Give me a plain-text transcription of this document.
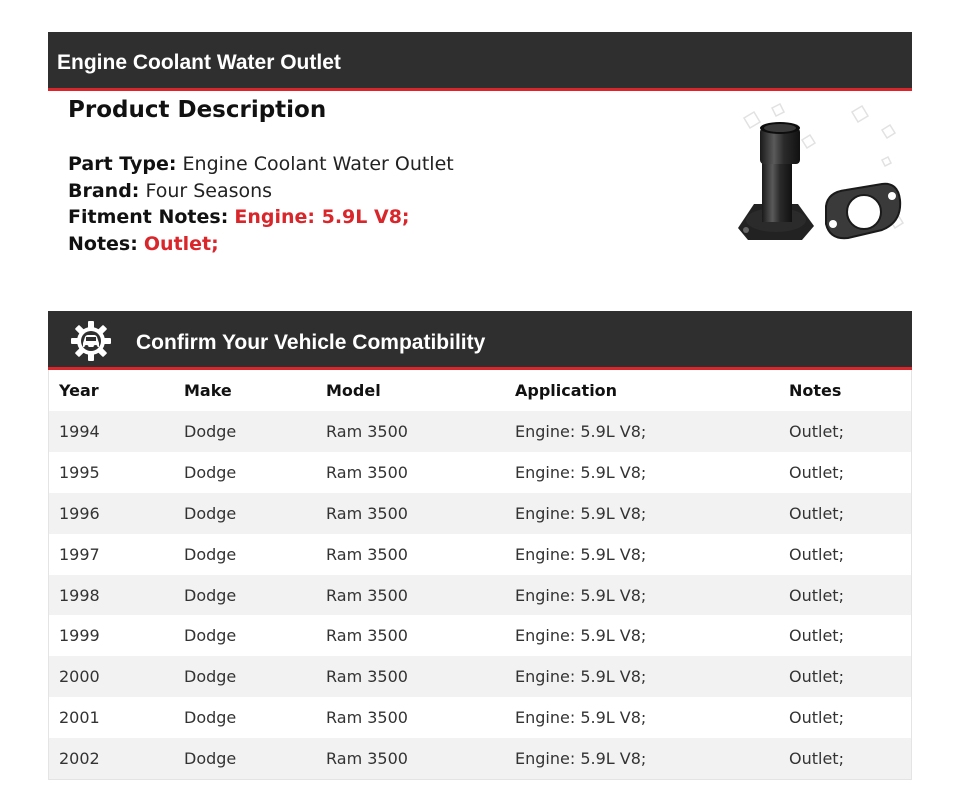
Engine Coolant Water Outlet
Product Description
Part Type: Engine Coolant Water Outlet
Brand: Four Seasons
Fitment Notes: Engine: 5.9L V8;
Notes: Outlet;
Confirm Your Vehicle Compatibility
Year	Make	Model	Application	Notes
1994	Dodge	Ram 3500	Engine: 5.9L V8;	Outlet;
1995	Dodge	Ram 3500	Engine: 5.9L V8;	Outlet;
1996	Dodge	Ram 3500	Engine: 5.9L V8;	Outlet;
1997	Dodge	Ram 3500	Engine: 5.9L V8;	Outlet;
1998	Dodge	Ram 3500	Engine: 5.9L V8;	Outlet;
1999	Dodge	Ram 3500	Engine: 5.9L V8;	Outlet;
2000	Dodge	Ram 3500	Engine: 5.9L V8;	Outlet;
2001	Dodge	Ram 3500	Engine: 5.9L V8;	Outlet;
2002	Dodge	Ram 3500	Engine: 5.9L V8;	Outlet;
